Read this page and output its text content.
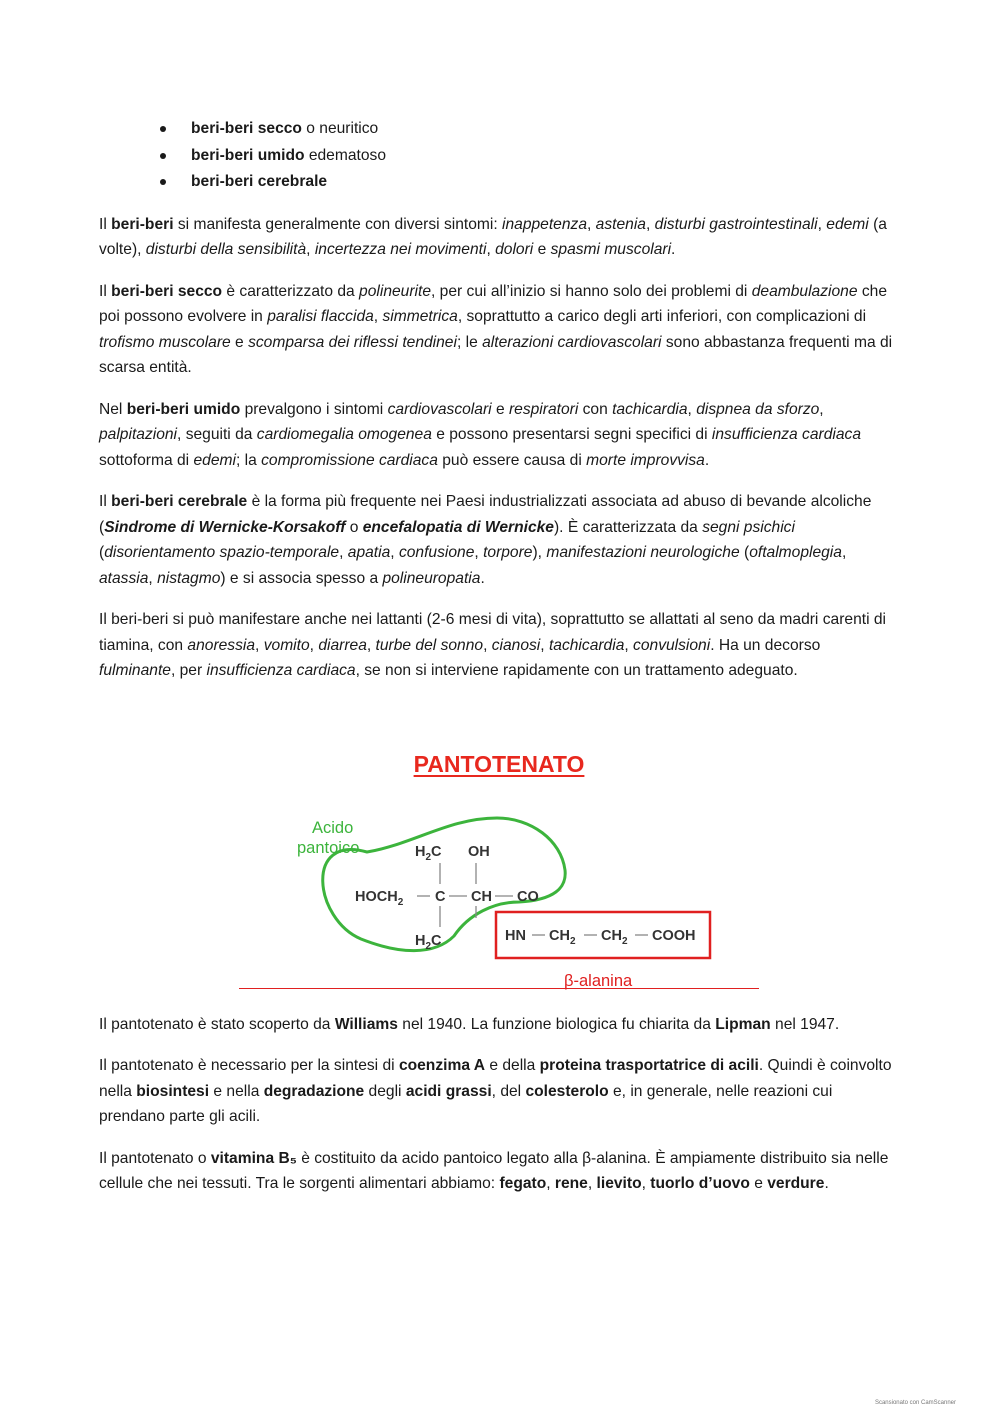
beri-beri secco o neuritico
beri-beri umido edematoso
beri-beri cerebrale

Il beri-beri si manifesta generalmente con diversi sintomi: inappetenza, astenia, disturbi gastrointestinali, edemi (a volte), disturbi della sensibilità, incertezza nei movimenti, dolori e spasmi muscolari.

Il beri-beri secco è caratterizzato da polineurite, per cui all’inizio si hanno solo dei problemi di deambulazione che poi possono evolvere in paralisi flaccida, simmetrica, soprattutto a carico degli arti inferiori, con complicazioni di trofismo muscolare e scomparsa dei riflessi tendinei; le alterazioni cardiovascolari sono abbastanza frequenti ma di scarsa entità.

Nel beri-beri umido prevalgono i sintomi cardiovascolari e respiratori con tachicardia, dispnea da sforzo, palpitazioni, seguiti da cardiomegalia omogenea e possono presentarsi segni specifici di insufficienza cardiaca sottoforma di edemi; la compromissione cardiaca può essere causa di morte improvvisa.

Il beri-beri cerebrale è la forma più frequente nei Paesi industrializzati associata ad abuso di bevande alcoliche (Sindrome di Wernicke-Korsakoff o encefalopatia di Wernicke). È caratterizzata da segni psichici (disorientamento spazio-temporale, apatia, confusione, torpore), manifestazioni neurologiche (oftalmoplegia, atassia, nistagmo) e si associa spesso a polineuropatia.

Il beri-beri si può manifestare anche nei lattanti (2-6 mesi di vita), soprattutto se allattati al seno da madri carenti di tiamina, con anoressia, vomito, diarrea, turbe del sonno, cianosi, tachicardia, convulsioni. Ha un decorso fulminante, per insufficienza cardiaca, se non si interviene rapidamente con un trattamento adeguato.

PANTOTENATO
Acido
pantoico
β-alanina
$H_2C$ OH
$HOCH_2$ C CH CO
$H_2C$	HN $CH_2$ $CH_2$ COOH

Il pantotenato è stato scoperto da Williams nel 1940. La funzione biologica fu chiarita da Lipman nel 1947.

Il pantotenato è necessario per la sintesi di coenzima A e della proteina trasportatrice di acili. Quindi è coinvolto nella biosintesi e nella degradazione degli acidi grassi, del colesterolo e, in generale, nelle reazioni cui prendano parte gli acili.

Il pantotenato o vitamina B₅ è costituito da acido pantoico legato alla β-alanina. È ampiamente distribuito sia nelle cellule che nei tessuti. Tra le sorgenti alimentari abbiamo: fegato, rene, lievito, tuorlo d’uovo e verdure.

Scansionato con CamScanner
